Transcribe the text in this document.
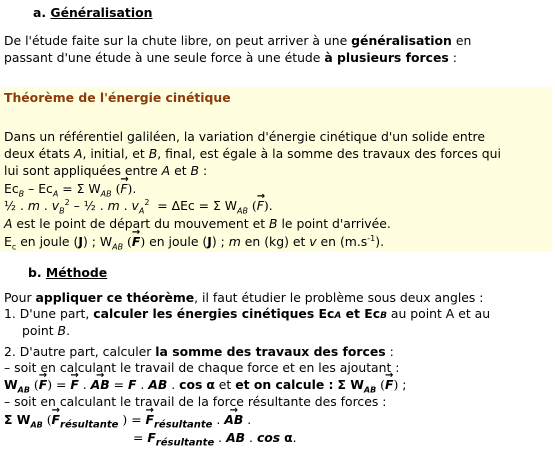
a. Généralisation
De l'étude faite sur la chute libre, on peut arriver à une généralisation en
passant d'une étude à une seule force à une étude à plusieurs forces :
Théorème de l'énergie cinétique
Dans un référentiel galiléen, la variation d'énergie cinétique d'un solide entre
deux états A, initial, et B, final, est égale à la somme des travaux des forces qui
lui sont appliquées entre A et B :
$Ec_B - Ec_A = \Sigma$ $W_{AB}$ (→ F).
½ . m . $v_B^2$ – ½ . m . $v_A^2 = \Delta Ec = \Sigma$ $W_{AB}$ (→ F).
A est le point de départ du mouvement et B le point d'arrivée.
$E_c$ en joule (J) ; $W_{AB}$ (→ F) en joule (J) ; m en (kg) et v en $(m.s^{-1})$.
b. Méthode
Pour appliquer ce théorème, il faut étudier le problème sous deux angles :
1. D'une part, calculer les énergies cinétiques EcA et EcB au point A et au
point B.
2. D'autre part, calculer la somme des travaux des forces :
– soit en calculant le travail de chaque force et en les ajoutant :
$W_{AB}$ (→ F) = → F . → AB = F . AB . cos α et et on calcule : Σ $W_{AB}$ (→ F) ;
– soit en calculant le travail de la force résultante des forces :
Σ $W_{AB}$ (→ $F_{résultante}$ ) = → $F_{résultante}$ . → AB .
= $F_{résultante}$ . AB . cos α.
